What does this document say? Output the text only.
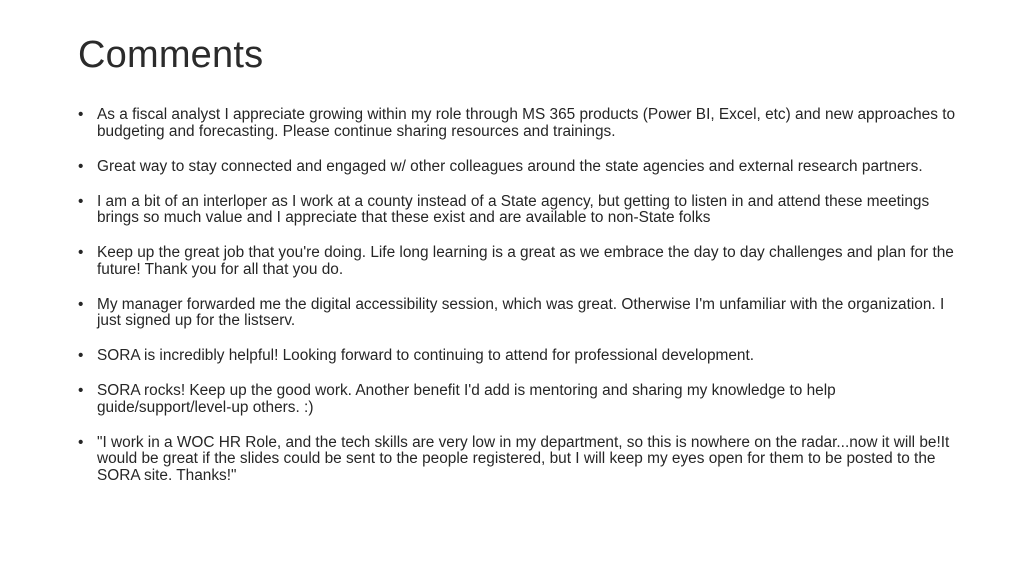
Comments
• As a fiscal analyst I appreciate growing within my role through MS 365 products (Power BI, Excel, etc) and new approaches to budgeting and forecasting. Please continue sharing resources and trainings.
• Great way to stay connected and engaged w/ other colleagues around the state agencies and external research partners.
• I am a bit of an interloper as I work at a county instead of a State agency, but getting to listen in and attend these meetings brings so much value and I appreciate that these exist and are available to non-State folks
• Keep up the great job that you're doing. Life long learning is a great as we embrace the day to day challenges and plan for the future! Thank you for all that you do.
• My manager forwarded me the digital accessibility session, which was great. Otherwise I'm unfamiliar with the organization. I just signed up for the listserv.
• SORA is incredibly helpful! Looking forward to continuing to attend for professional development.
• SORA rocks! Keep up the good work. Another benefit I'd add is mentoring and sharing my knowledge to help guide/support/level-up others. :)
• "I work in a WOC HR Role, and the tech skills are very low in my department, so this is nowhere on the radar...now it will be!It would be great if the slides could be sent to the people registered, but I will keep my eyes open for them to be posted to the SORA site. Thanks!"
